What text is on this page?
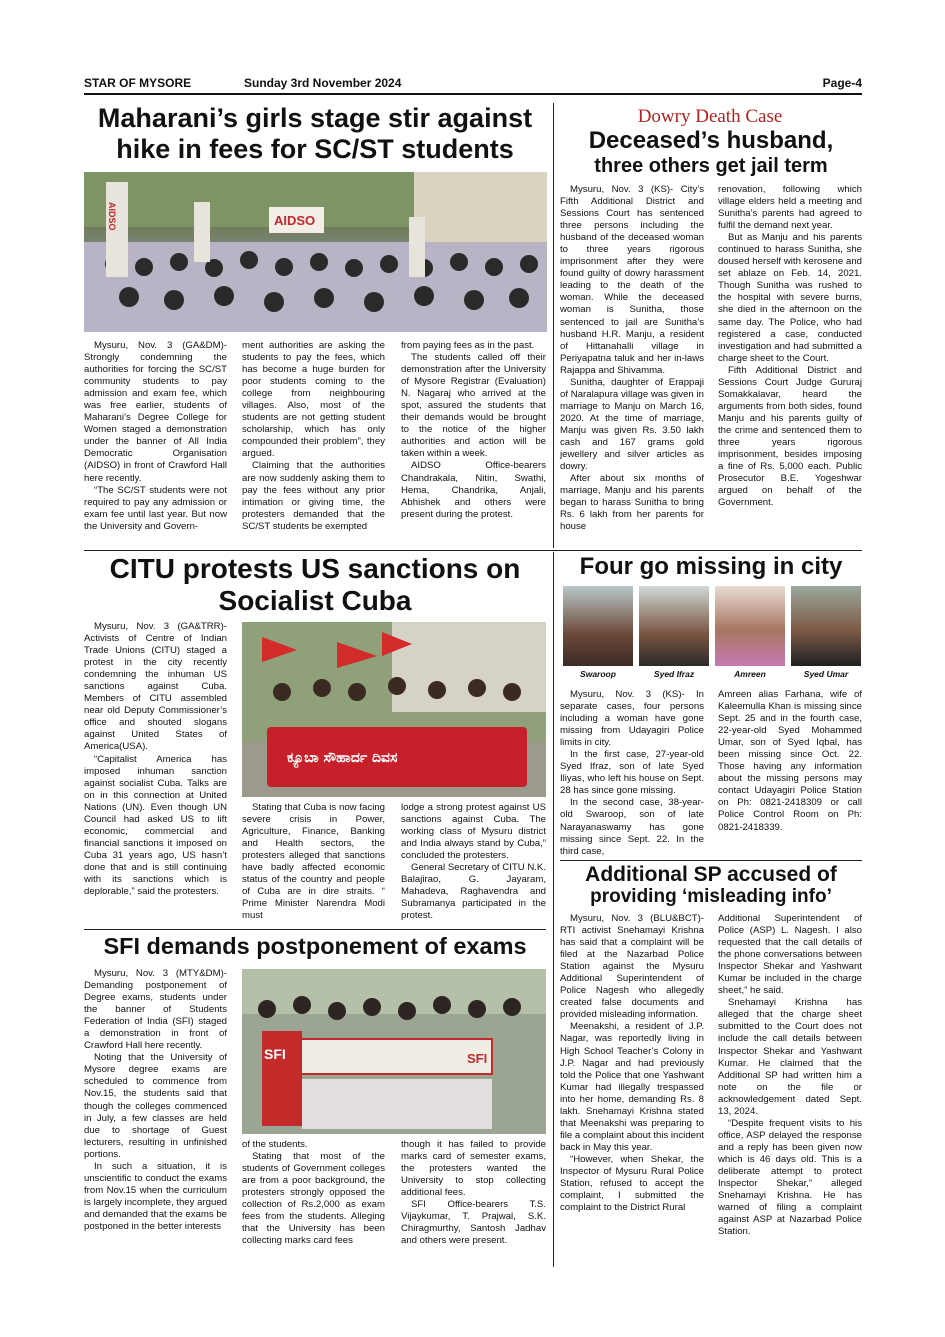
STAR OF MYSORE	Sunday 3rd November 2024	Page-4
Maharani’s girls stage stir against hike in fees for SC/ST students
AIDSO	AIDSO

Mysuru, Nov. 3 (GA&DM)- Strongly condemning the authorities for forcing the SC/ST community students to pay admission and exam fee, which was free earlier, students of Maharani’s Degree College for Women staged a demonstration under the banner of All India Democratic Organisation (AIDSO) in front of Crawford Hall here recently.

“The SC/ST students were not required to pay any admission or exam fee until last year. But now the University and Govern-

ment authorities are asking the students to pay the fees, which has become a huge burden for poor students coming to the college from neighbouring villages. Also, most of the students are not getting student scholarship, which has only compounded their problem”, they argued.

Claiming that the authorities are now suddenly asking them to pay the fees without any prior intimation or giving time, the protesters demanded that the SC/ST students be exempted

from paying fees as in the past.

The students called off their demonstration after the University of Mysore Registrar (Evaluation) N. Nagaraj who arrived at the spot, assured the students that their demands would be brought to the notice of the higher authorities and action will be taken within a week.

AIDSO Office-bearers Chandrakala, Nitin, Swathi, Hema, Chandrika, Anjali, Abhishek and others were present during the protest.

Dowry Death Case
Deceased’s husband,
three others get jail term

Mysuru, Nov. 3 (KS)- City’s Fifth Additional District and Sessions Court has sentenced three persons including the husband of the deceased woman to three years rigorous imprisonment after they were found guilty of dowry harassment leading to the death of the woman. While the deceased woman is Sunitha, those sentenced to jail are Sunitha’s husband H.R. Manju, a resident of Hittanahalli village in Periyapatna taluk and her in-laws Rajappa and Shivamma.

Sunitha, daughter of Erappaji of Naralapura village was given in marriage to Manju on March 16, 2020. At the time of marriage, Manju was given Rs. 3.50 lakh cash and 167 grams gold jewellery and silver articles as dowry.

After about six months of marriage, Manju and his parents began to harass Sunitha to bring Rs. 6 lakh from her parents for house

renovation, following which village elders held a meeting and Sunitha’s parents had agreed to fulfil the demand next year.

But as Manju and his parents continued to harass Sunitha, she doused herself with kerosene and set ablaze on Feb. 14, 2021. Though Sunitha was rushed to the hospital with severe burns, she died in the afternoon on the same day. The Police, who had registered a case, conducted investigation and had submitted a charge sheet to the Court.

Fifth Additional District and Sessions Court Judge Gururaj Somakkalavar, heard the arguments from both sides, found Manju and his parents guilty of the crime and sentenced them to three years rigorous imprisonment, besides imposing a fine of Rs. 5,000 each. Public Prosecutor B.E. Yogeshwar argued on behalf of the Government.

CITU protests US sanctions on Socialist Cuba

Mysuru, Nov. 3 (GA&TRR)- Activists of Centre of Indian Trade Unions (CITU) staged a protest in the city recently condemning the inhuman US sanctions against Cuba. Members of CITU assembled near old Deputy Commissioner’s office and shouted slogans against United States of America(USA).

“Capitalist America has imposed inhuman sanction against socialist Cuba. Talks are on in this connection at United Nations (UN). Even though UN Council had asked US to lift economic, commercial and financial sanctions it imposed on Cuba 31 years ago, US hasn’t done that and is still continuing with its sanctions which is deplorable,” said the protesters.

ಕ್ಯೂಬಾ ಸೌಹಾರ್ದ ದಿವಸ

Stating that Cuba is now facing severe crisis in Power, Agriculture, Finance, Banking and Health sectors, the protesters alleged that sanctions have badly affected economic status of the country and people of Cuba are in dire straits. “ Prime Minister Narendra Modi must

lodge a strong protest against US sanctions against Cuba. The working class of Mysuru district and India always stand by Cuba,” concluded the protesters.

General Secretary of CITU N.K. Balajirao, G. Jayaram, Mahadeva, Raghavendra and Subramanya participated in the protest.

Four go missing in city
Swaroop	Syed Ifraz	Amreen	Syed Umar

Mysuru, Nov. 3 (KS)- In separate cases, four persons including a woman have gone missing from Udayagiri Police limits in city.

In the first case, 27-year-old Syed Ifraz, son of late Syed Iliyas, who left his house on Sept. 28 has since gone missing.

In the second case, 38-year-old Swaroop, son of late Narayanaswamy has gone missing since Sept. 22. In the third case,

Amreen alias Farhana, wife of Kaleemulla Khan is missing since Sept. 25 and in the fourth case, 22-year-old Syed Mohammed Umar, son of Syed Iqbal, has been missing since Oct. 22. Those having any information about the missing persons may contact Udayagiri Police Station on Ph: 0821-2418309 or call Police Control Room on Ph: 0821-2418339.

SFI demands postponement of exams

Mysuru, Nov. 3 (MTY&DM)- Demanding postponement of Degree exams, students under the banner of Students Federation of India (SFI) staged a demonstration in front of Crawford Hall here recently.

Noting that the University of Mysore degree exams are scheduled to commence from Nov.15, the students said that though the colleges commenced in July, a few classes are held due to shortage of Guest lecturers, resulting in unfinished portions.

In such a situation, it is unscientific to conduct the exams from Nov.15 when the curriculum is largely incomplete, they argued and demanded that the exams be postponed in the better interests

SFI	SFI

of the students.

Stating that most of the students of Government colleges are from a poor background, the protesters strongly opposed the collection of Rs.2,000 as exam fees from the students. Alleging that the University has been collecting marks card fees

though it has failed to provide marks card of semester exams, the protesters wanted the University to stop collecting additional fees.

SFI Office-bearers T.S. Vijaykumar, T. Prajwal, S.K. Chiragmurthy, Santosh Jadhav and others were present.

Additional SP accused of
providing ‘misleading info’

Mysuru, Nov. 3 (BLU&BCT)- RTI activist Snehamayi Krishna has said that a complaint will be filed at the Nazarbad Police Station against the Mysuru Additional Superintendent of Police Nagesh who allegedly created false documents and provided misleading information.

Meenakshi, a resident of J.P. Nagar, was reportedly living in High School Teacher’s Colony in J.P. Nagar and had previously told the Police that one Yashwant Kumar had illegally trespassed into her home, demanding Rs. 8 lakh. Snehamayi Krishna stated that Meenakshi was preparing to file a complaint about this incident back in May this year.

“However, when Shekar, the Inspector of Mysuru Rural Police Station, refused to accept the complaint, I submitted the complaint to the District Rural

Additional Superintendent of Police (ASP) L. Nagesh. I also requested that the call details of the phone conversations between Inspector Shekar and Yashwant Kumar be included in the charge sheet,” he said.

Snehamayi Krishna has alleged that the charge sheet submitted to the Court does not include the call details between Inspector Shekar and Yashwant Kumar. He claimed that the Additional SP had written him a note on the file or acknowledgement dated Sept. 13, 2024.

“Despite frequent visits to his office, ASP delayed the response and a reply has been given now which is 46 days old. This is a deliberate attempt to protect Inspector Shekar,” alleged Snehamayi Krishna. He has warned of filing a complaint against ASP at Nazarbad Police Station.
